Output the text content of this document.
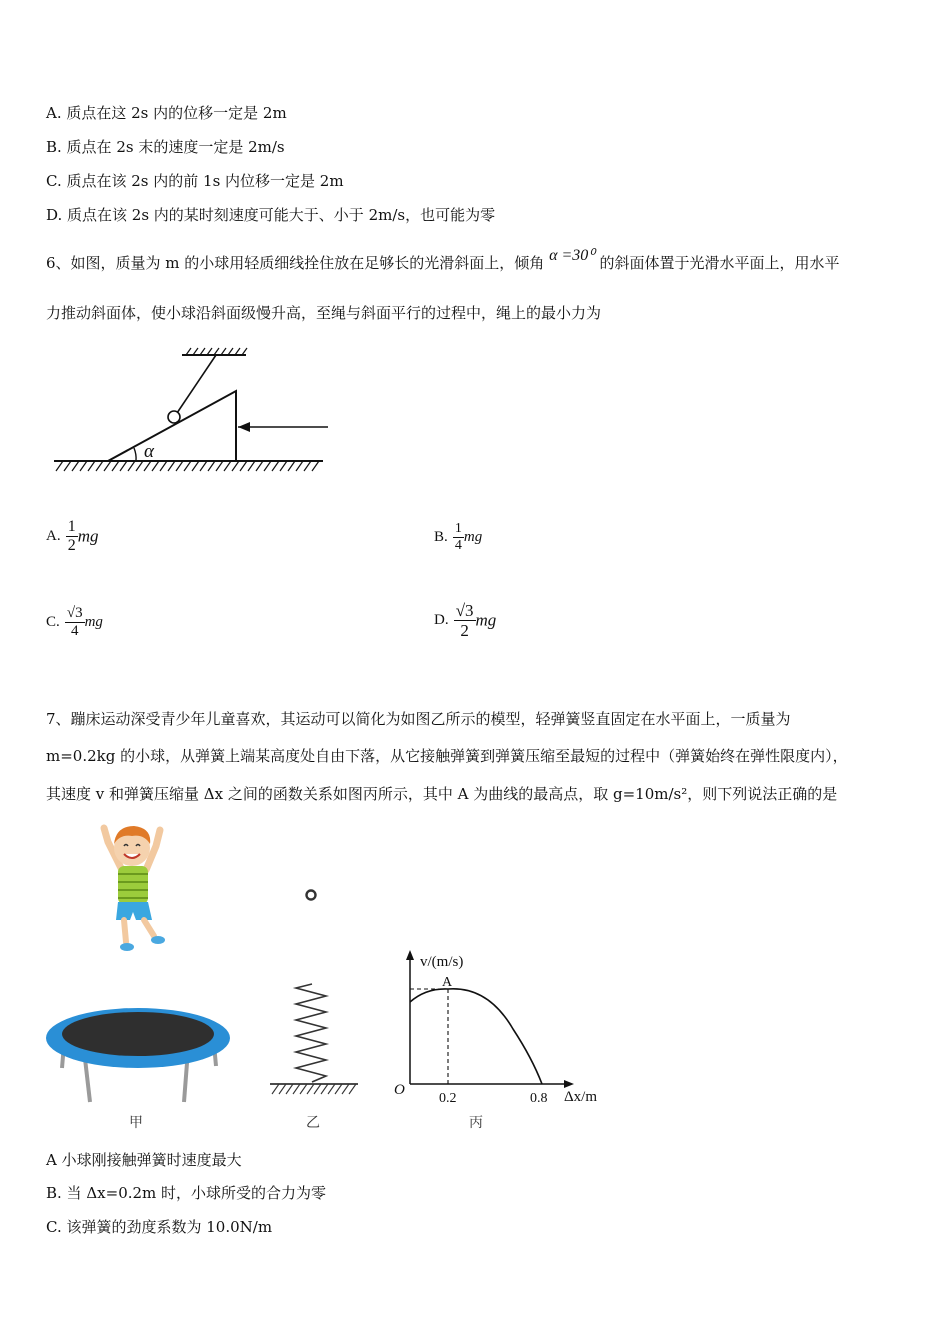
A. 质点在这 2s 内的位移一定是 2m
B. 质点在 2s 末的速度一定是 2m/s
C. 质点在该 2s 内的前 1s 内位移一定是 2m
D. 质点在该 2s 内的某时刻速度可能大于、小于 2m/s，也可能为零
6、如图，质量为 m 的小球用轻质细线拴住放在足够长的光滑斜面上，倾角 α =30⁰ 的斜面体置于光滑水平面上，用水平
力推动斜面体，使小球沿斜面级慢升高，至绳与斜面平行的过程中，绳上的最小力为
α
A. $\frac{1}{2}$ mg	B. $\frac{1}{4}$ mg
C. $\frac{√3}{4}$ mg	D. $\frac{√3}{2}$ mg
7、蹦床运动深受青少年儿童喜欢，其运动可以简化为如图乙所示的模型，轻弹簧竖直固定在水平面上，一质量为
m=0.2kg 的小球，从弹簧上端某高度处自由下落，从它接触弹簧到弹簧压缩至最短的过程中（弹簧始终在弹性限度内），
其速度 v 和弹簧压缩量 Δx 之间的函数关系如图丙所示，其中 A 为曲线的最高点，取 g=10m/s²，则下列说法正确的是
甲	乙
v/(m/s)
Δx/m
O
A
0.2	0.8
丙
A 小球刚接触弹簧时速度最大
B. 当 Δx=0.2m 时，小球所受的合力为零
C. 该弹簧的劲度系数为 10.0N/m
